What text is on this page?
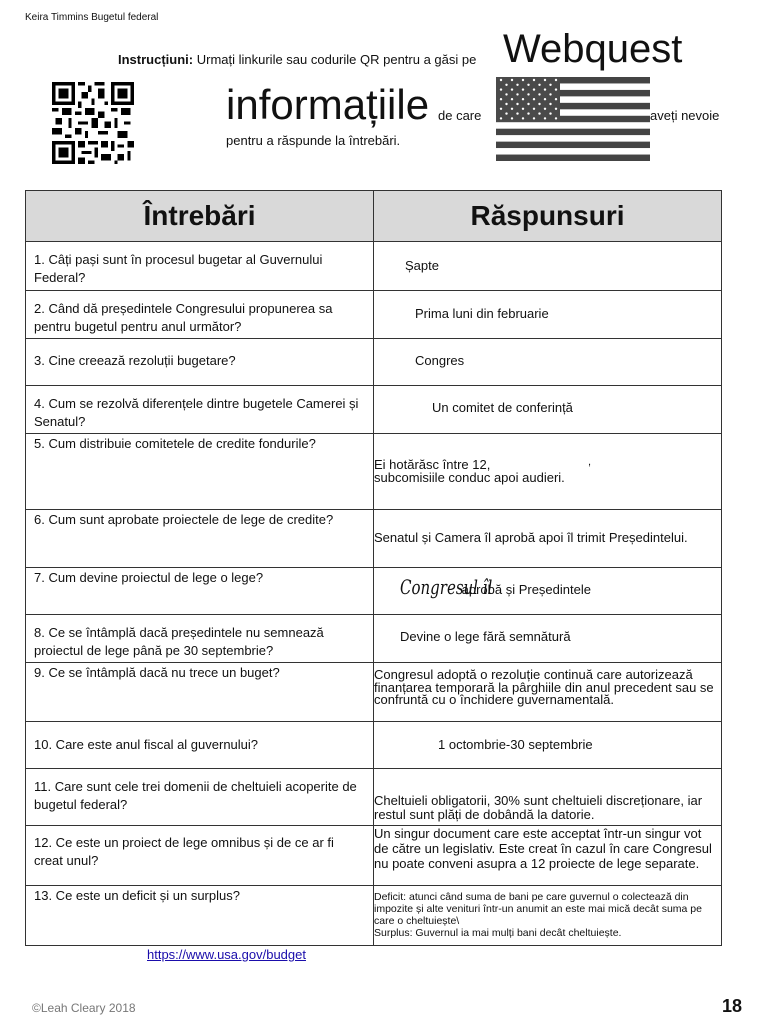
Keira Timmins Bugetul federal
Instrucțiuni: Urmați linkurile sau codurile QR pentru a găsi pe Webquest
informațiile de care	aveți nevoie
pentru a răspunde la întrebări.
Întrebări	Răspunsuri

1. Câți pași sunt în procesul bugetar al Guvernului Federal?	Șapte

2. Când dă președintele Congresului propunerea sa pentru bugetul pentru anul următor?	Prima luni din februarie

3. Cine creează rezoluții bugetare?	Congres

4. Cum se rezolvă diferențele dintre bugetele Camerei și Senatul?	Un comitet de conferință

5. Cum distribuie comitetele de credite fondurile?	Ei hotărăsc între 12, ,

subcomisiile conduc apoi audieri.

6. Cum sunt aprobate proiectele de lege de credite?	Senatul și Camera îl aprobă apoi îl trimit Președintelui.

7. Cum devine proiectul de lege o lege?	Congresul îl aprobă și Președintele

8. Ce se întâmplă dacă președintele nu semnează proiectul de lege până pe 30 septembrie?	Devine o lege fără semnătură

9. Ce se întâmplă dacă nu trece un buget?	Congresul adoptă o rezoluție continuă care autorizează finanțarea temporară la pârghiile din anul precedent sau se confruntă cu o închidere guvernamentală.

10. Care este anul fiscal al guvernului?	1 octombrie-30 septembrie

11. Care sunt cele trei domenii de cheltuieli acoperite de bugetul federal?	Cheltuieli obligatorii, 30% sunt cheltuieli discreționare, iar restul sunt plăți de dobândă la datorie.

12. Ce este un proiect de lege omnibus și de ce ar fi creat unul?	Un singur document care este acceptat într-un singur vot de către un legislativ. Este creat în cazul în care Congresul nu poate conveni asupra a 12 proiecte de lege separate.

13. Ce este un deficit și un surplus?	Deficit: atunci când suma de bani pe care guvernul o colectează din impozite și alte venituri într-un anumit an este mai mică decât suma pe care o cheltuiește\
Surplus: Guvernul ia mai mulți bani decât cheltuiește.
https://www.usa.gov/budget
©Leah Cleary 2018	18
